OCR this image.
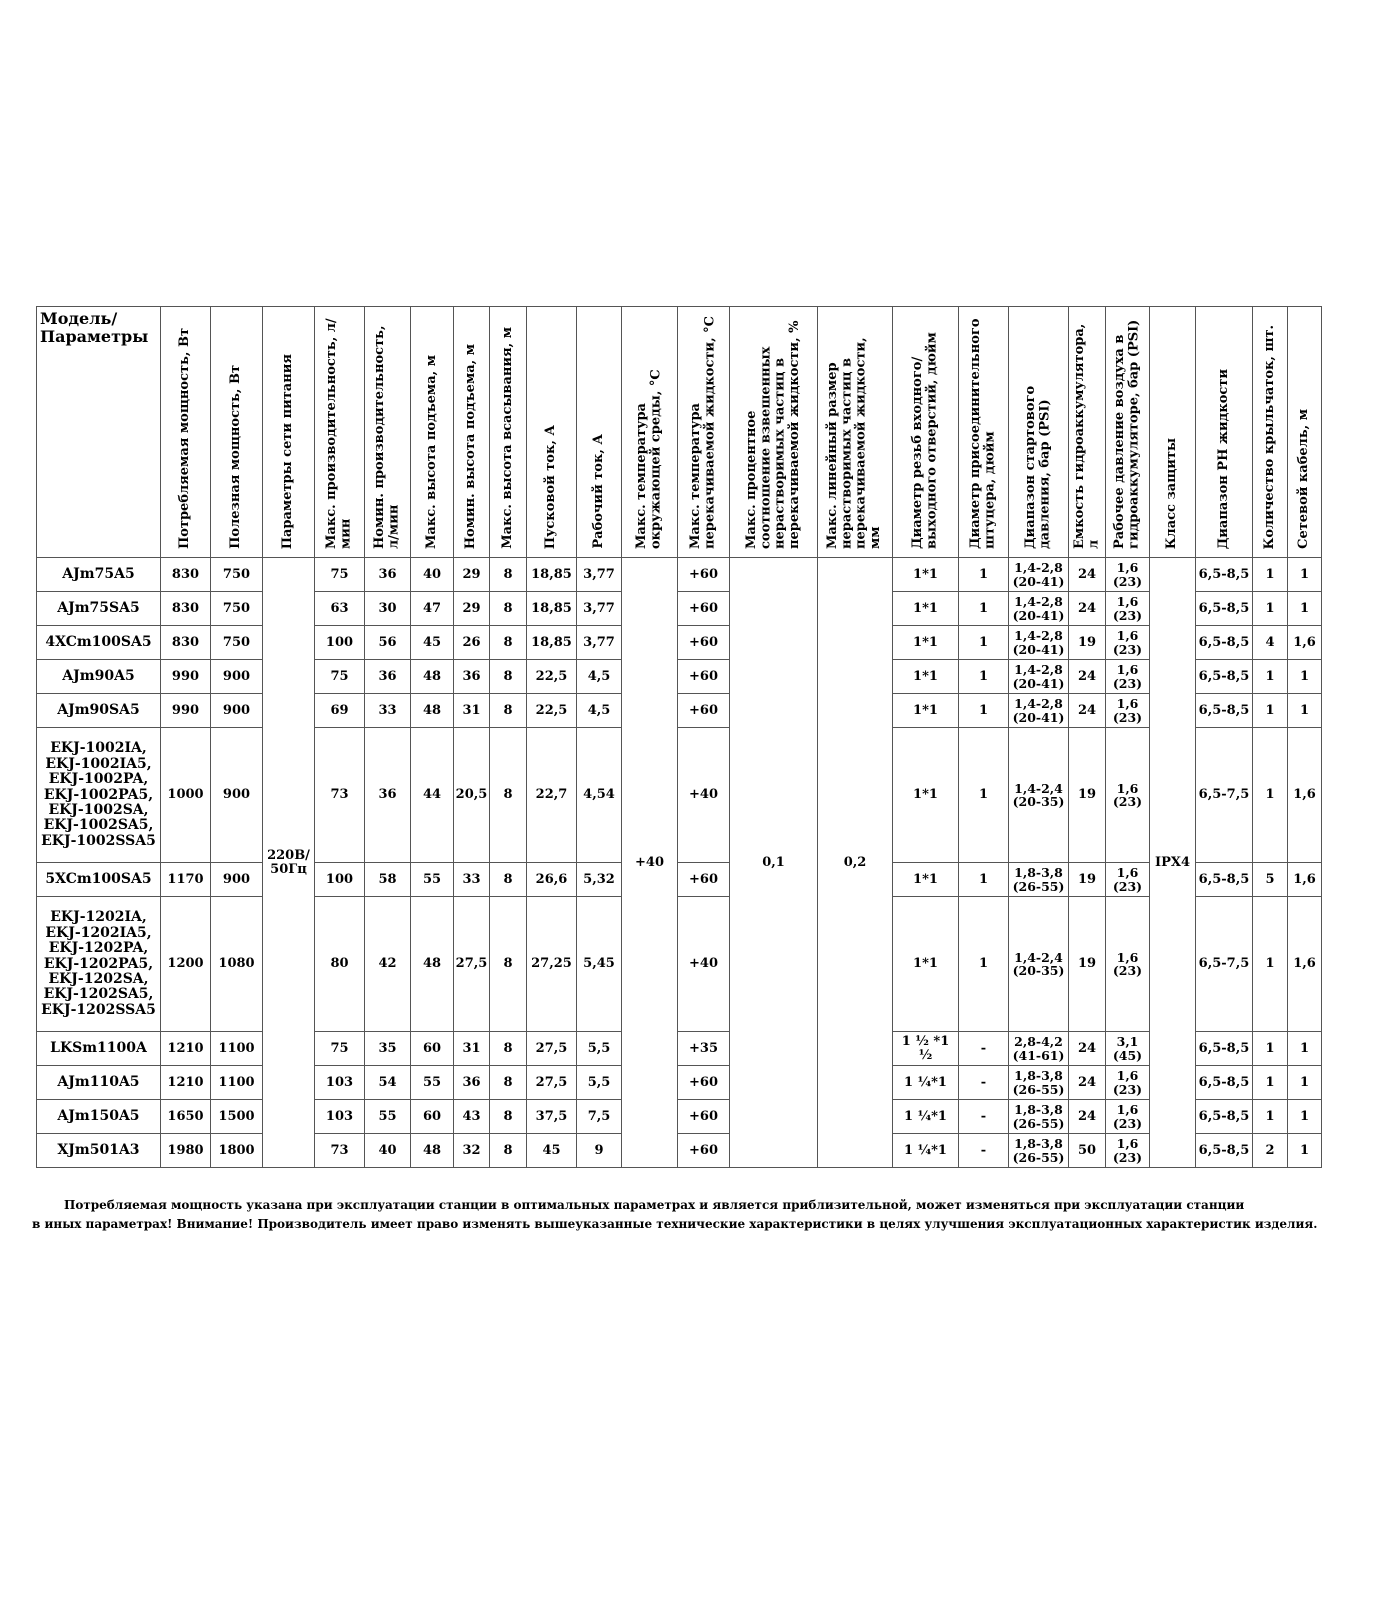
Модель/ Параметры	Потребляемая мощность, Вт	Полезная мощность, Вт	Параметры сети питания	Макс. производительность, л/мин	Номин. производительность, л/мин	Макс. высота подъема, м	Номин. высота подъема, м	Макс. высота всасывания, м	Пусковой ток, А	Рабочий ток, А	Макс. температура окружающей среды, °С	Макс. температура перекачиваемой жидкости, °С	Макс. процентное соотношение взвешенных нерастворимых частиц в перекачиваемой жидкости, %	Макс. линейный размер нерастворимых частиц в перекачиваемой жидкости, мм	Диаметр резьб входного/ выходного отверстий, дюйм	Диаметр присоединительного штуцера, дюйм	Диапазон стартового давления, бар (PSI)	Емкость гидроаккумулятора, л	Рабочее давление воздуха в гидроаккумуляторе, бар (PSI)	Класс защиты	Диапазон PH жидкости	Количество крыльчаток, шт.	Сетевой кабель, м
AJm75A5	830	750	220В/ 50Гц	75	36	40	29	8	18,85	3,77	+40	+60	0,1	0,2	1*1	1	1,4-2,8 (20-41)	24	1,6 (23)	IPX4	6,5-8,5	1	1
AJm75SA5	830	750		63	30	47	29	8	18,85	3,77		+60			1*1	1	1,4-2,8 (20-41)	24	1,6 (23)		6,5-8,5	1	1
4XCm100SA5	830	750		100	56	45	26	8	18,85	3,77		+60			1*1	1	1,4-2,8 (20-41)	19	1,6 (23)		6,5-8,5	4	1,6
AJm90A5	990	900		75	36	48	36	8	22,5	4,5		+60			1*1	1	1,4-2,8 (20-41)	24	1,6 (23)		6,5-8,5	1	1
AJm90SA5	990	900		69	33	48	31	8	22,5	4,5		+60			1*1	1	1,4-2,8 (20-41)	24	1,6 (23)		6,5-8,5	1	1
EKJ-1002IA, EKJ-1002IA5, EKJ-1002PA, EKJ-1002PA5, EKJ-1002SA, EKJ-1002SA5, EKJ-1002SSA5	1000	900		73	36	44	20,5	8	22,7	4,54		+40			1*1	1	1,4-2,4 (20-35)	19	1,6 (23)		6,5-7,5	1	1,6
5XCm100SA5	1170	900		100	58	55	33	8	26,6	5,32		+60			1*1	1	1,8-3,8 (26-55)	19	1,6 (23)		6,5-8,5	5	1,6
EKJ-1202IA, EKJ-1202IA5, EKJ-1202PA, EKJ-1202PA5, EKJ-1202SA, EKJ-1202SA5, EKJ-1202SSA5	1200	1080		80	42	48	27,5	8	27,25	5,45		+40			1*1	1	1,4-2,4 (20-35)	19	1,6 (23)		6,5-7,5	1	1,6
LKSm1100A	1210	1100		75	35	60	31	8	27,5	5,5		+35			1 ½ *1 ½	-	2,8-4,2 (41-61)	24	3,1 (45)		6,5-8,5	1	1
AJm110A5	1210	1100		103	54	55	36	8	27,5	5,5		+60			1 ¼*1	-	1,8-3,8 (26-55)	24	1,6 (23)		6,5-8,5	1	1
AJm150A5	1650	1500		103	55	60	43	8	37,5	7,5		+60			1 ¼*1	-	1,8-3,8 (26-55)	24	1,6 (23)		6,5-8,5	1	1
XJm501A3	1980	1800		73	40	48	32	8	45	9		+60			1 ¼*1	-	1,8-3,8 (26-55)	50	1,6 (23)		6,5-8,5	2	1
Потребляемая мощность указана при эксплуатации станции в оптимальных параметрах и является приблизительной, может изменяться при эксплуатации станции
в иных параметрах! Внимание! Производитель имеет право изменять вышеуказанные технические характеристики в целях улучшения эксплуатационных характеристик изделия.
